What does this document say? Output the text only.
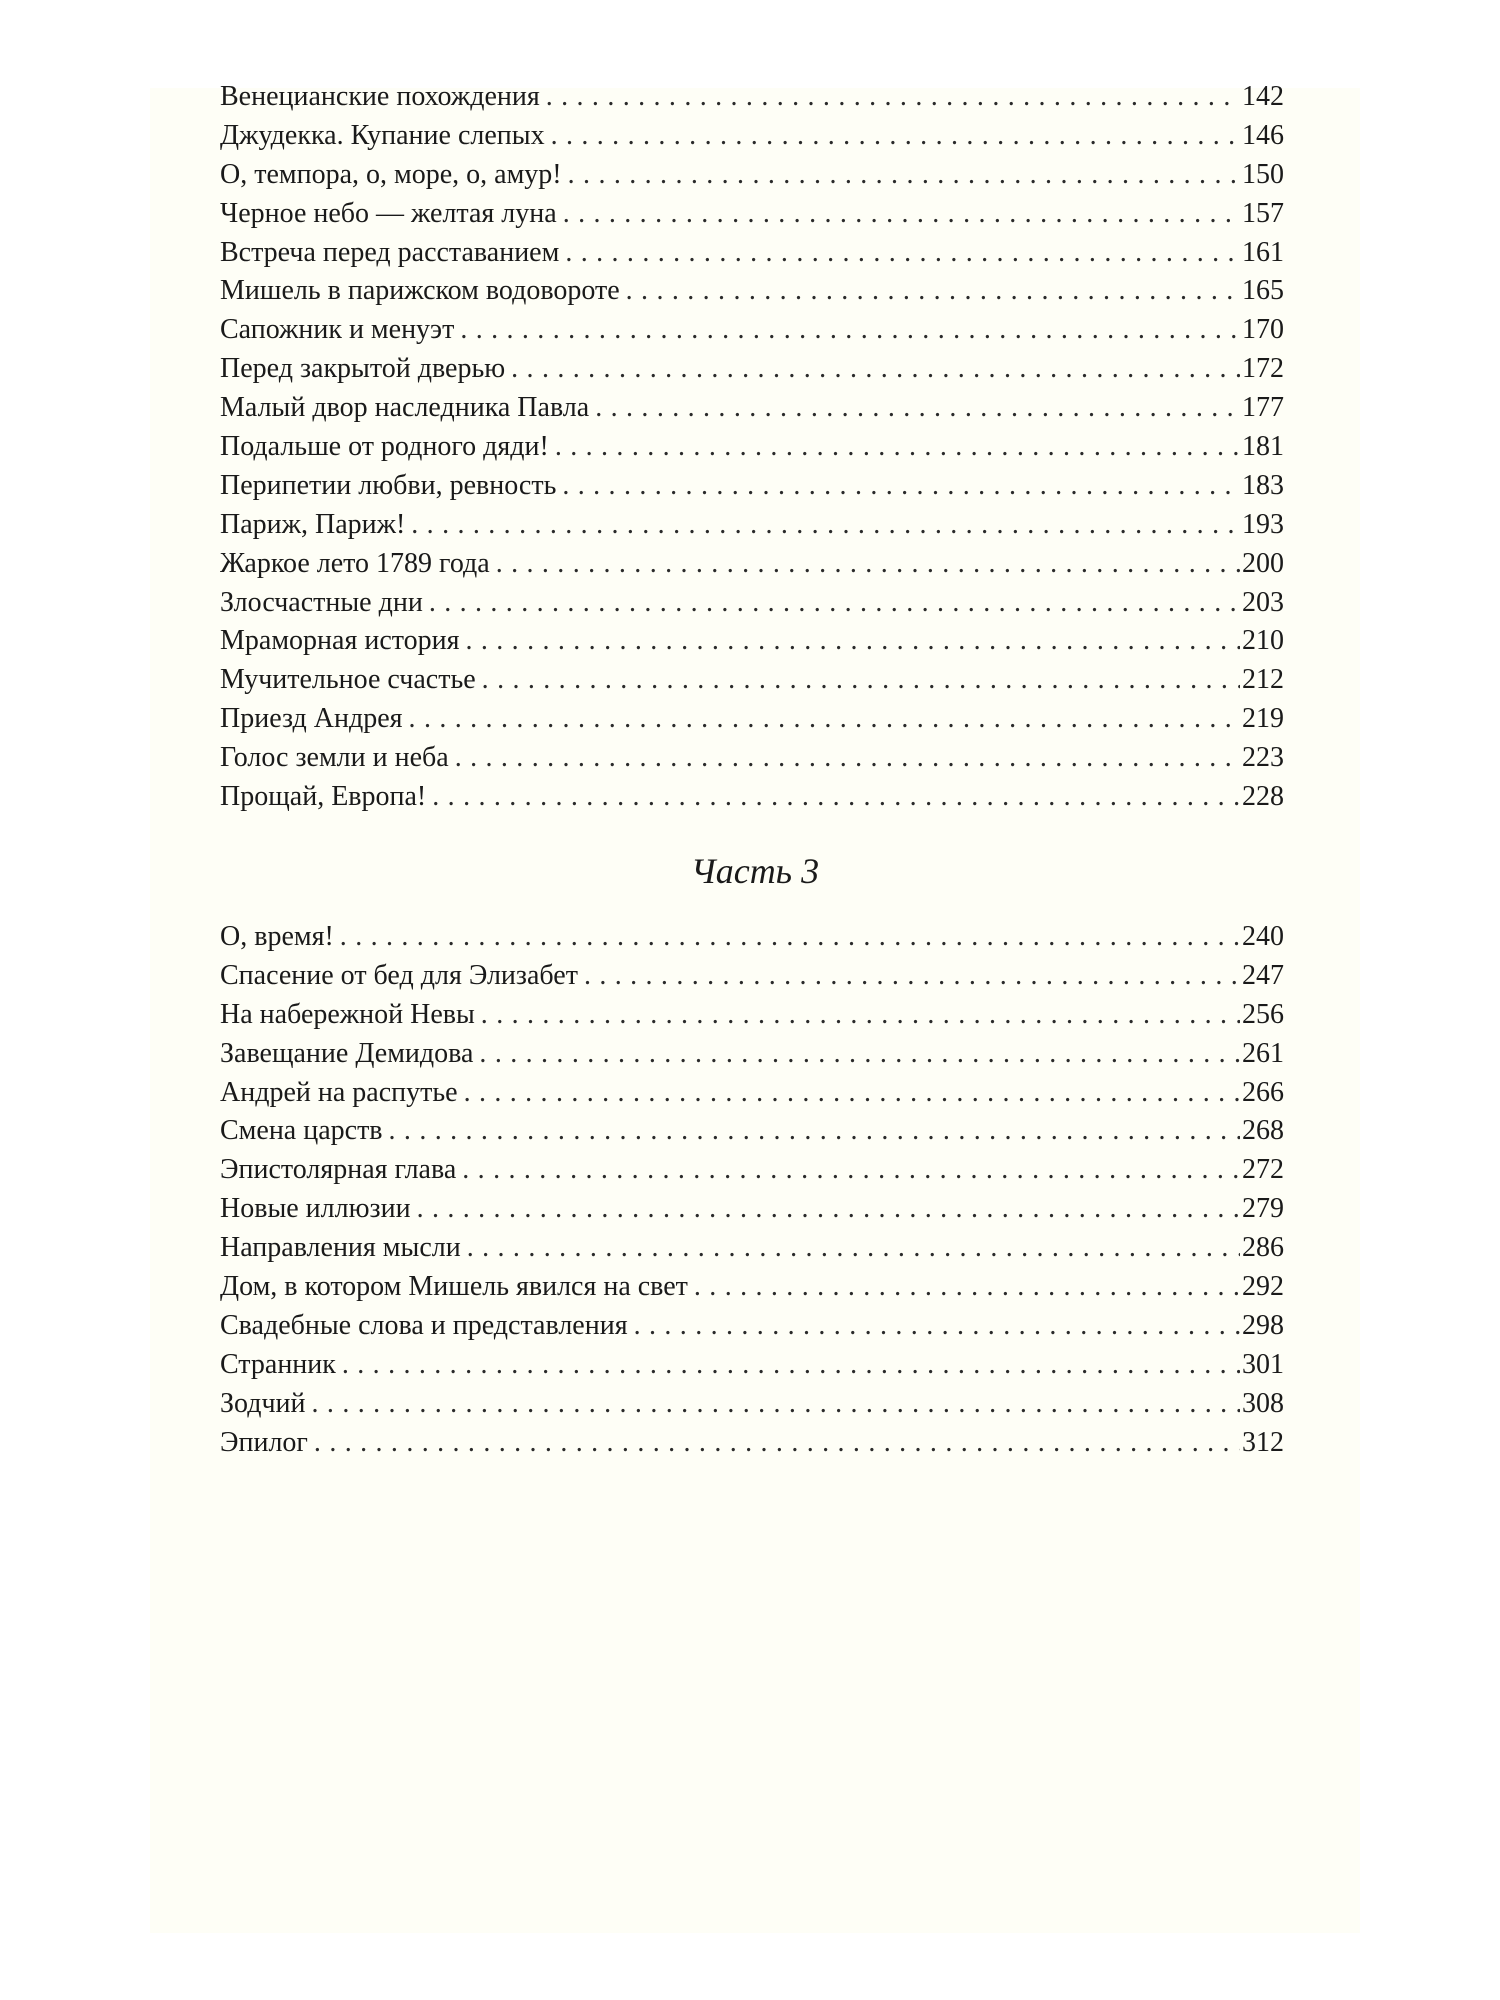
Венецианские похождения . . .	142
Джудекка. Купание слепых . . .	146
О, темпора, о, море, о, амур! . . .	150
Черное небо — желтая луна . . .	157
Встреча перед расставанием . . .	161
Мишель в парижском водовороте . . .	165
Сапожник и менуэт . . .	170
Перед закрытой дверью . . .	172
Малый двор наследника Павла . . .	177
Подальше от родного дяди! . . .	181
Перипетии любви, ревность . . .	183
Париж, Париж! . . .	193
Жаркое лето 1789 года . . .	200
Злосчастные дни . . .	203
Мраморная история . . .	210
Мучительное счастье . . .	212
Приезд Андрея . . .	219
Голос земли и неба . . .	223
Прощай, Европа! . . .	228
Часть 3
О, время! . . .	240
Спасение от бед для Элизабет . . .	247
На набережной Невы . . .	256
Завещание Демидова . . .	261
Андрей на распутье . . .	266
Смена царств . . .	268
Эпистолярная глава . . .	272
Новые иллюзии . . .	279
Направления мысли . . .	286
Дом, в котором Мишель явился на свет . . .	292
Свадебные слова и представления . . .	298
Странник . . .	301
Зодчий . . .	308
Эпилог . . .	312
